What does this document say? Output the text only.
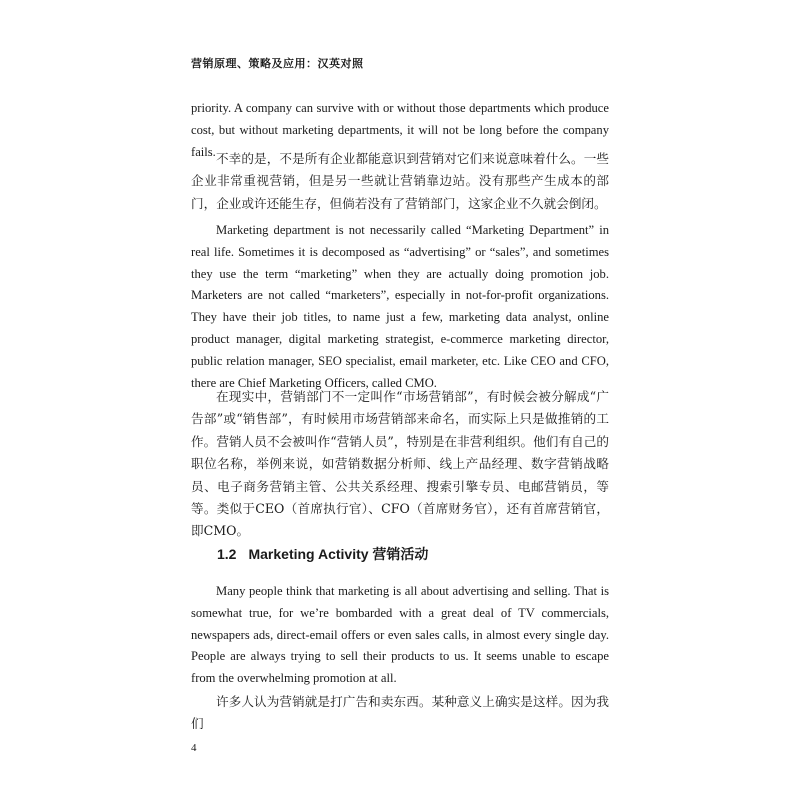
营销原理、策略及应用：汉英对照

priority. A company can survive with or without those departments which produce cost, but without marketing departments, it will not be long before the company fails. 不幸的是，不是所有企业都能意识到营销对它们来说意味着什么。一些企业非常重视营销，但是另一些就让营销靠边站。没有那些产生成本的部门，企业或许还能生存，但倘若没有了营销部门，这家企业不久就会倒闭。

Marketing department is not necessarily called “Marketing Department” in real life. Sometimes it is decomposed as “advertising” or “sales”, and sometimes they use the term “marketing” when they are actually doing promotion job. Marketers are not called “marketers”, especially in not-for-profit organizations. They have their job titles, to name just a few, marketing data analyst, online product manager, digital marketing strategist, e-commerce marketing director, public relation manager, SEO specialist, email marketer, etc. Like CEO and CFO, there are Chief Marketing Officers, called CMO.

在现实中，营销部门不一定叫作“市场营销部”，有时候会被分解成“广告部”或“销售部”，有时候用市场营销部来命名，而实际上只是做推销的工作。营销人员不会被叫作“营销人员”，特别是在非营利组织。他们有自己的职位名称，举例来说，如营销数据分析师、线上产品经理、数字营销战略员、电子商务营销主管、公共关系经理、搜索引擎专员、电邮营销员，等等。类似于CEO（首席执行官）、CFO（首席财务官），还有首席营销官，即CMO。

1.2 Marketing Activity 营销活动

Many people think that marketing is all about advertising and selling. That is somewhat true, for we’re bombarded with a great deal of TV commercials, newspapers ads, direct-email offers or even sales calls, in almost every single day. People are always trying to sell their products to us. It seems unable to escape from the overwhelming promotion at all.

许多人认为营销就是打广告和卖东西。某种意义上确实是这样。因为我们

4
